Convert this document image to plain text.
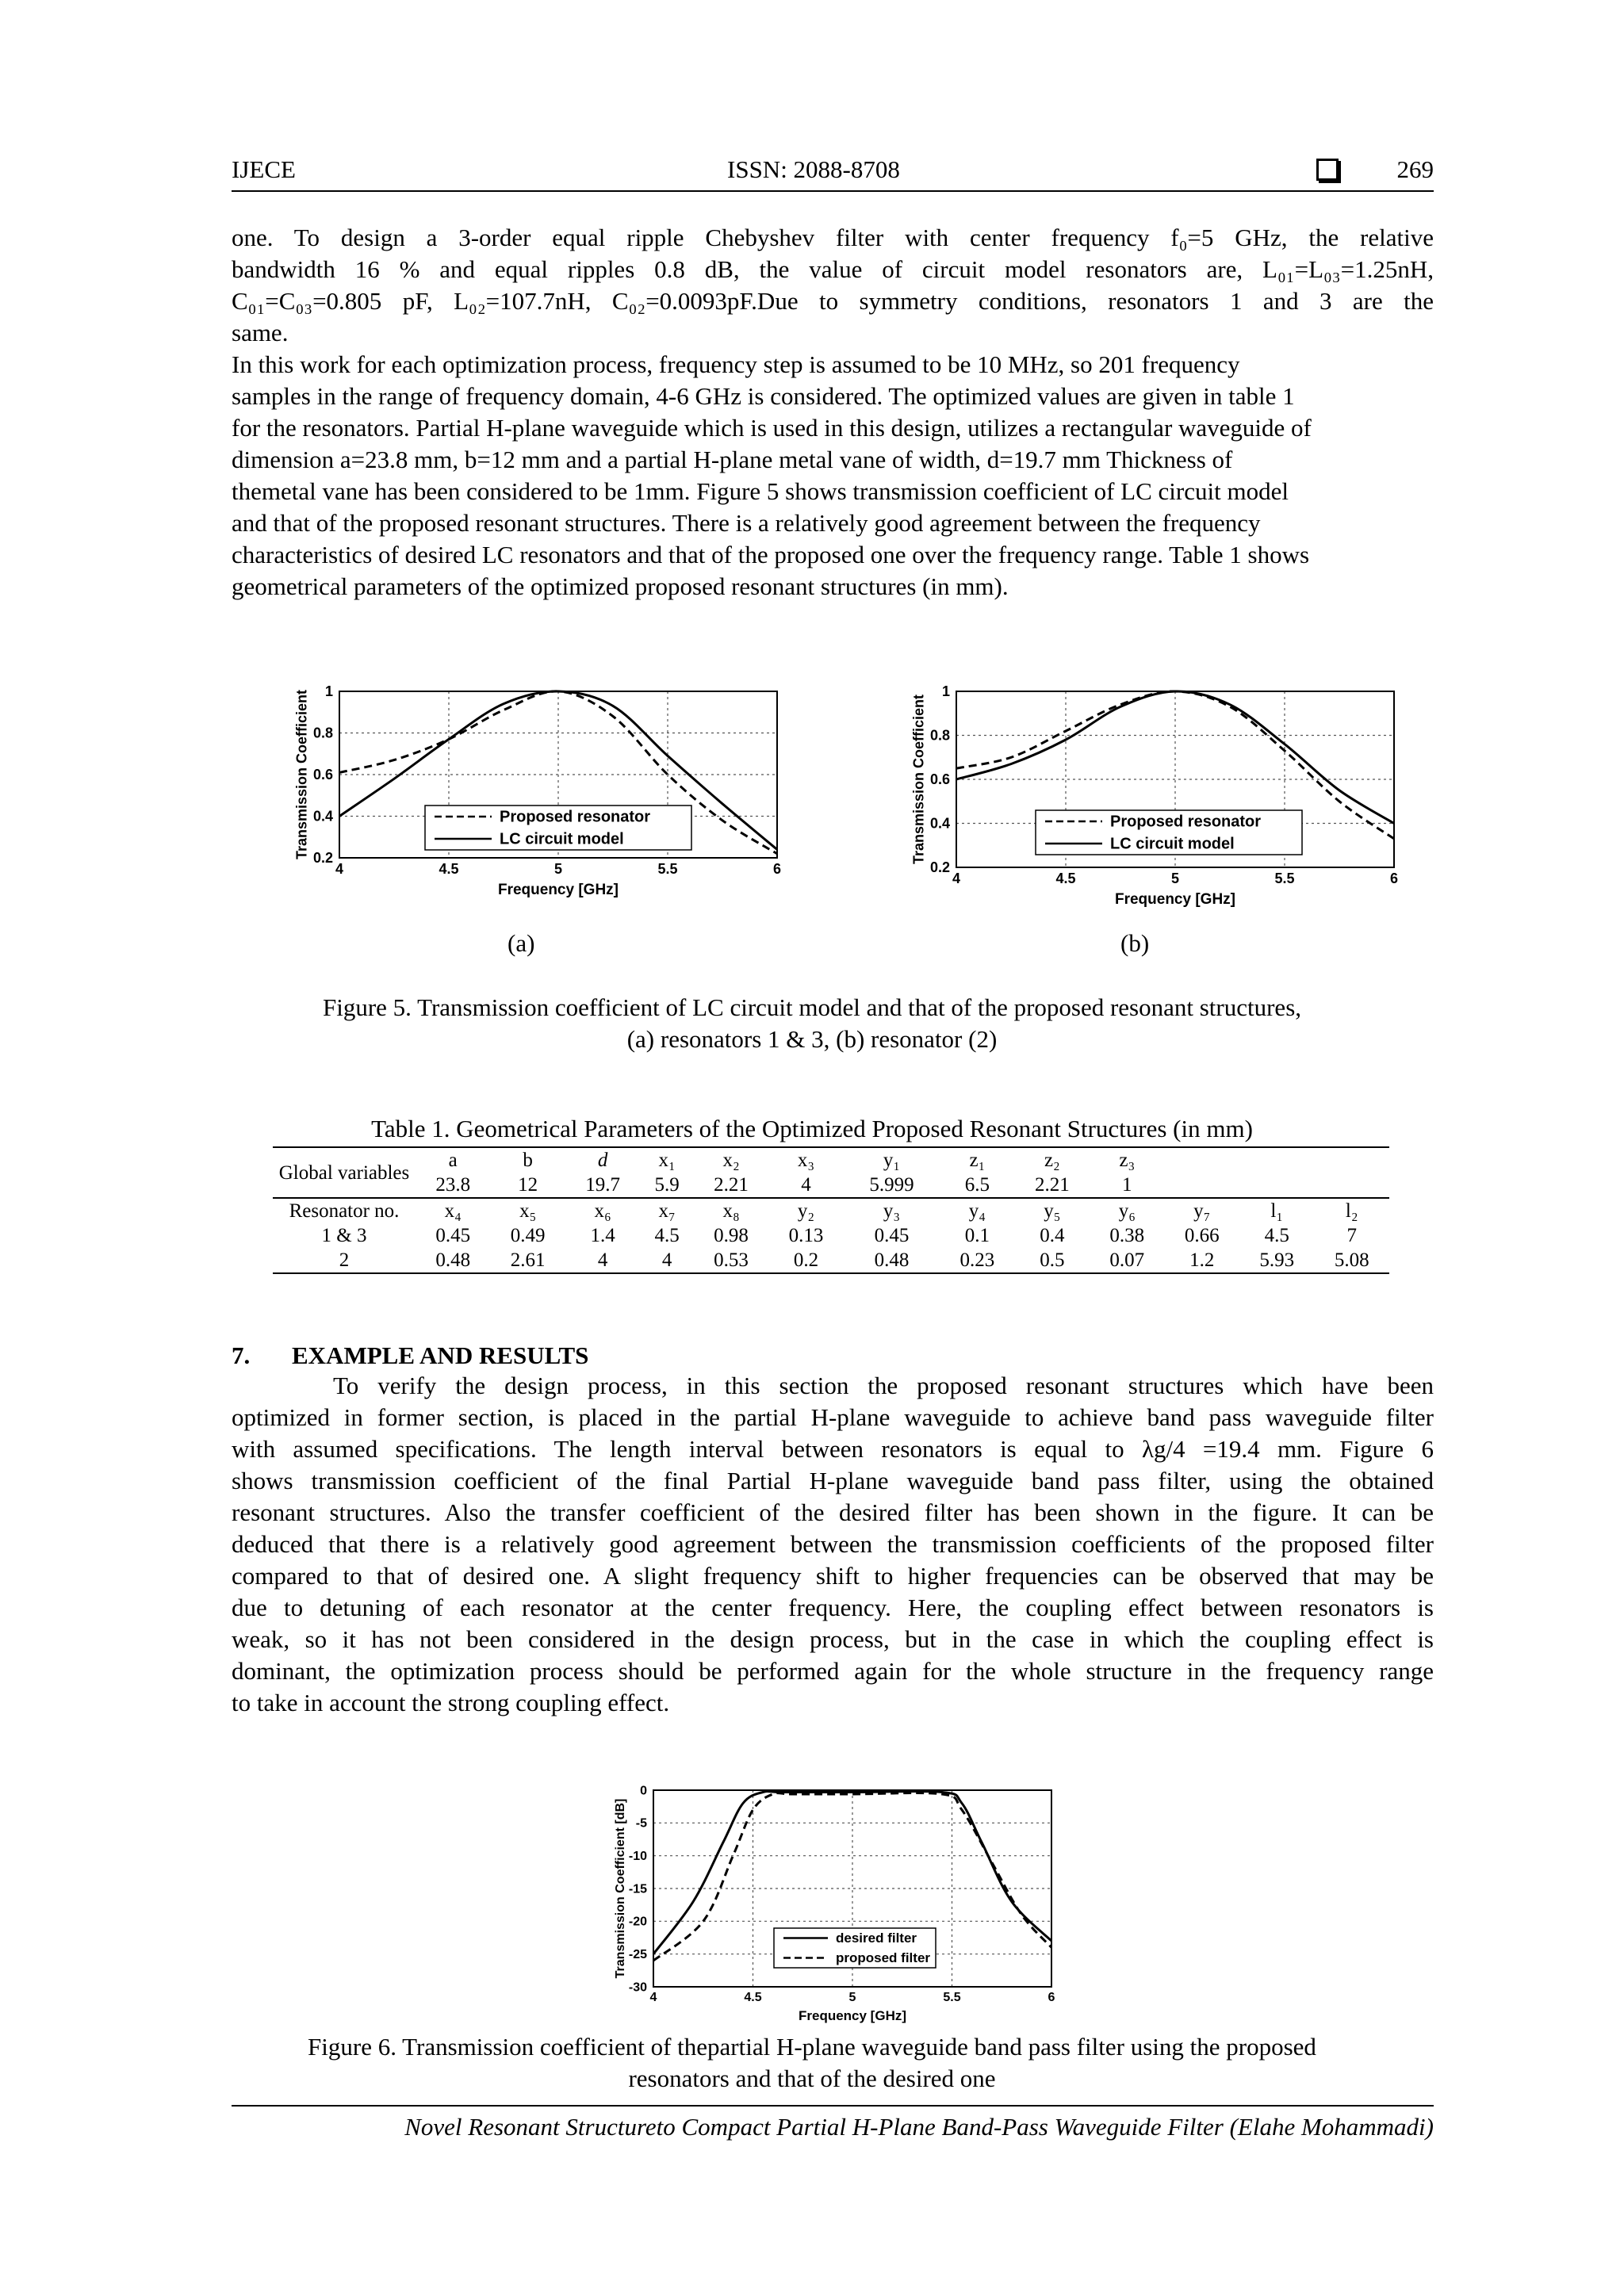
IJECE	ISSN: 2088-8708	269
one. To design a 3-order equal ripple Chebyshev filter with center frequency f₀=5 GHz, the relative
bandwidth 16 % and equal ripples 0.8 dB, the value of circuit model resonators are, L₀₁=L₀₃=1.25nH,
C₀₁=C₀₃=0.805 pF, L₀₂=107.7nH, C₀₂=0.0093pF.Due to symmetry conditions, resonators 1 and 3 are the
same.
In this work for each optimization process, frequency step is assumed to be 10 MHz, so 201 frequency
samples in the range of frequency domain, 4-6 GHz is considered. The optimized values are given in table 1
for the resonators. Partial H-plane waveguide which is used in this design, utilizes a rectangular waveguide of
dimension a=23.8 mm, b=12 mm and a partial H-plane metal vane of width, d=19.7 mm Thickness of
themetal vane has been considered to be 1mm. Figure 5 shows transmission coefficient of LC circuit model
and that of the proposed resonant structures. There is a relatively good agreement between the frequency
characteristics of desired LC resonators and that of the proposed one over the frequency range. Table 1 shows
geometrical parameters of the optimized proposed resonant structures (in mm).
4	4.5	5	5.5	6
0.2
0.4
0.6
0.8
1
Frequency [GHz]
Transmission Coefficient	Proposed resonator
LC circuit model
4	4.5	5	5.5	6
0.2
0.4
0.6
0.8
1
Frequency [GHz]
Transmission Coefficient	Proposed resonator
LC circuit model
(a)	(b)
Figure 5. Transmission coefficient of LC circuit model and that of the proposed resonant structures,
(a) resonators 1 & 3, (b) resonator (2)
Table 1. Geometrical Parameters of the Optimized Proposed Resonant Structures (in mm)
Global variables	a	b	d	x₁	x₂	x₃	y₁	z₁	z₂	z₃			
	23.8	12	19.7	5.9	2.21	4	5.999	6.5	2.21	1			
Resonator no.	x₄	x₅	x₆	x₇	x₈	y₂	y₃	y₄	y₅	y₆	y₇	l₁	l₂
1 & 3	0.45	0.49	1.4	4.5	0.98	0.13	0.45	0.1	0.4	0.38	0.66	4.5	7
2	0.48	2.61	4	4	0.53	0.2	0.48	0.23	0.5	0.07	1.2	5.93	5.08
7. EXAMPLE AND RESULTS
To verify the design process, in this section the proposed resonant structures which have been
optimized in former section, is placed in the partial H-plane waveguide to achieve band pass waveguide filter
with assumed specifications. The length interval between resonators is equal to λg/4 =19.4 mm. Figure 6
shows transmission coefficient of the final Partial H-plane waveguide band pass filter, using the obtained
resonant structures. Also the transfer coefficient of the desired filter has been shown in the figure. It can be
deduced that there is a relatively good agreement between the transmission coefficients of the proposed filter
compared to that of desired one. A slight frequency shift to higher frequencies can be observed that may be
due to detuning of each resonator at the center frequency. Here, the coupling effect between resonators is
weak, so it has not been considered in the design process, but in the case in which the coupling effect is
dominant, the optimization process should be performed again for the whole structure in the frequency range
to take in account the strong coupling effect.
4	4.5	5	5.5	6
0
-5
-10
-15
-20
-25
-30
Frequency [GHz]
Transmission Coefficient [dB]	desired filter
proposed filter
Figure 6. Transmission coefficient of thepartial H-plane waveguide band pass filter using the proposed
resonators and that of the desired one
Novel Resonant Structureto Compact Partial H-Plane Band-Pass Waveguide Filter (Elahe Mohammadi)
